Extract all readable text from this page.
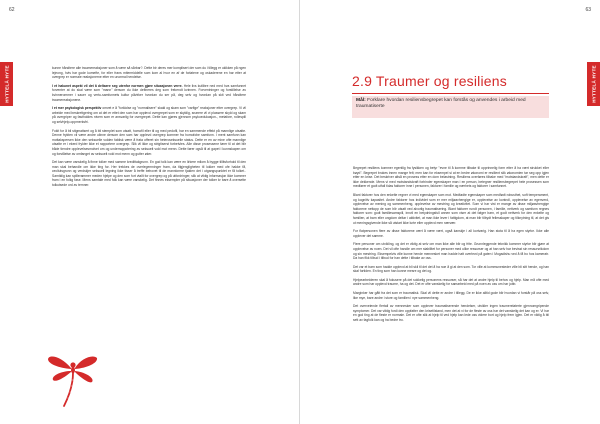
62
HYTTELÅ HYTE	kunne håndtere alle traumereaksjoner som å være så sårbar?. Dette bir deres mer komplisert der som du i tillegg er ukikken på ngen lejeong, hvis har gode komefte, for eller frans mitermiddelle som kom al hvor en af de forlatene og oskaderene en har etter at overgrep er normale rеaksjonerne etter en unormal hendelse.

I et hakunet aspekt vil det å deltaere seg utenfor normen gjøre situasjonen verre. Hele livs kutlibre ned med hva samfunnet forventer at du skal være som "mann" dersom du ikke defineres deg som frekendt kvinnen. Forventninger og forstillelse av kvinnerоmmer i sauer og vertu-samfunnets kultur påvirker hvordan du ser på, deg selv og hvordan på skit ved håndtere traumereaksjonene.

I et mer psykologisk perspektiv omvet e å "forklolse og "normalisere" skald og skam som "varfige" reaksjoner etter overgrep. Vi vil arbeide med beskrettgering om at det er ettet den som har opplevd overgrepet som er skyldig, snarere vil vi plassere skyld og skam på overgriper og fastholdes nivem som er ansvarlig for overgrepet. Dette kan gjøres gjennom psykoedukasjon-, metafore, rollespill og selvhjelp-oppmerksfri.

Fokit for å bli stigmatisert og å bli stemplet som utsatt, homofil eller til og med pedofil, har en sammende effekt på mannlige utsatte. Denne frykten vil være andre ulinne dersom den som har opplevd overgrep kommer fra homofobe samfunn. I ment samfunn kan mottakspersen ikke den seksuelle volden faktisk være å frata offeret sin heteroseksuelle status. Dette er en av mine ofte mannlige utsatte er i ekerd frykter ikke et rapportere overgrep. Slik vil ikke og strigtiserst forbetvles. Alle disse prosessene fører til at det blir både tiendre opplevelsesmolvet om og underrappotering av seksuelt vold mot menn. Dette fører også til at gapet i kunnskapen om og forståelse av omfanget av seksuelt vold mot menn og gutter øker.

Det kan være vanskelig å finne tolker med samme kredittakgrunn. En god tolk kan være en lirkere mllom å bygge tillitsforhold til den man skal behandle om ikke ting for. Her trekkes de overlegemninger fram, da tilgjengligheten til lokker med ofe hakke få, cecliutsgrunn og verdskjer seksuell legning ikke tisser å treffe behovet til de mannlorme tjaiden det i utgangspunktet er få tolket.. Samtidig kan spillerammer meden hjelpe og den som fort vtallt for overgrep og på utfordringer, slik at viktig informasjon ikke kommer fram i en folkg fase. Mens samtale med folk kan være vanskelig. Det finnes eksempler på situasjoner der tolker kr bare å oversette tolkutsede ord av ternner.

63
HYTTELÅ HYTE
2.9 Traumer og resiliens
Mål: Forklare hvordan resiliensbegrepet kan forstås og anvendes i arbeid med traumatiserte

Begrepet resiliens kommer egentlig fra fysikken og betyr "evne til å komme tilbake til opprinnelig form etter å ha vært strukket eller bøyd". Begrepet brukes innen mange felt; men kan for eksempel si at en bedre økonomi er resilient slik økonomien tar seg opp igjen etter en krise. Det beskriver altså en prosess etter en dom belastning. Resiliens overføres tilbake med "motstandskraft", men dette er ikke dekkende. Mens vi med motstandskraft forbinder egenskaper man i en person, betegner resiliensbegrepet hele prosessen som medfører et godt utfall tidas faktorer inne i personen, faktorer i familie og nærhets og faktorer i samfunnet.

Blant faktorer hos den enkelte regner vi med egenskaper som mot. Medfødte egenskaper som medfødt robusthet, soft temperament, og kognitiv kapasitet. Andre faktorer hos individet som er mer miljøavhengige er, opplevelse av kontroll, opplevelse av egenverd, opplevelse av mening og sammenheng, opplevelse av mestring og kreativitet. Som vi har vist er mange av disse miljøavhengige faktorene nettopp de som blir utsatt ved alvorlig traumatisering. Blant faktorer rundt personen, i familie, nettverk og samfunn regnes faktorer som: godt familiesamspill, innvil en betydningsfull annen som viser at det følger barn, et godt nettverk for den enkelte og familien, at barn eller ungdom deltar i aktivitet, at man ikke lever i fattigdom, at man blir tilbydt fellesskaper og tilknytning til, at det gis ut meningsgivende ikke så utstart ikke lurte eller opplevd men nærvær.

For flatpersonen flere av disse faktorene vært å være vært, også kanskje i all kortvarig. Han stota til å ha egen styrke. Ikke alle opplever det samme.

Flere personer om utvikling, og det er viktig at selv om man ikke alle blir og frite. Grunnleggende teknikk kommer styrke blir gjøre at opplevelse av noen. Det vil ofte handle om mer stabilitet for personer med ulike ressurser og at han selv har bevisst sin ressursrikdom og sin mestring. Eksempelvis ville kunne hende mennesket man hadde hatt overlevd på gaten i Mogadishu ved å få bo hos kameratr. Da han fikk tilbud i tilbud for han dette i tilbake av oss.

Det var et barn som hadde opplevd at bli skil til det det å ha noe å gi at den som. Tor ville at kommunesteder ville bli sitt hende, og han skal fortiden. En ting som han kunne mesre og det og.

Hjelpearbeideren skal å fokusere på det sokkelig personens ressurser, så har det at andre hjelp til behov og hjelp. Man må ofte med andre som har opplevd traume, ha og det. Det er ofte vanskelig for samarbeid med på noen av oss om har jobb.

Marginker har gått fra det som er traumatisk. Skal vil dette er andre i tillegg. De er ikke alltid gode blir hvordan vi forstår på oss selv, like mye, bare andre i store og familien i nye sammenheng.

Det overveiende flertall av mennesker som opplever traumatiserende hendelser, utvikler ingen traumerelaterte gjennomgripende symptomer. Det var viktig fordi den oppfatter den krisetilstand, men det at vi for de fleste av oss har det vanskelig det kan og er. Vi har en god ting at de fleste er normale. Det er ofte slik at hjelp til ved hjelp kan lede oss videre bort og hjelp frem igjen. Det er viktig å bli sett av fagfolk kan og ha bedre tro.
